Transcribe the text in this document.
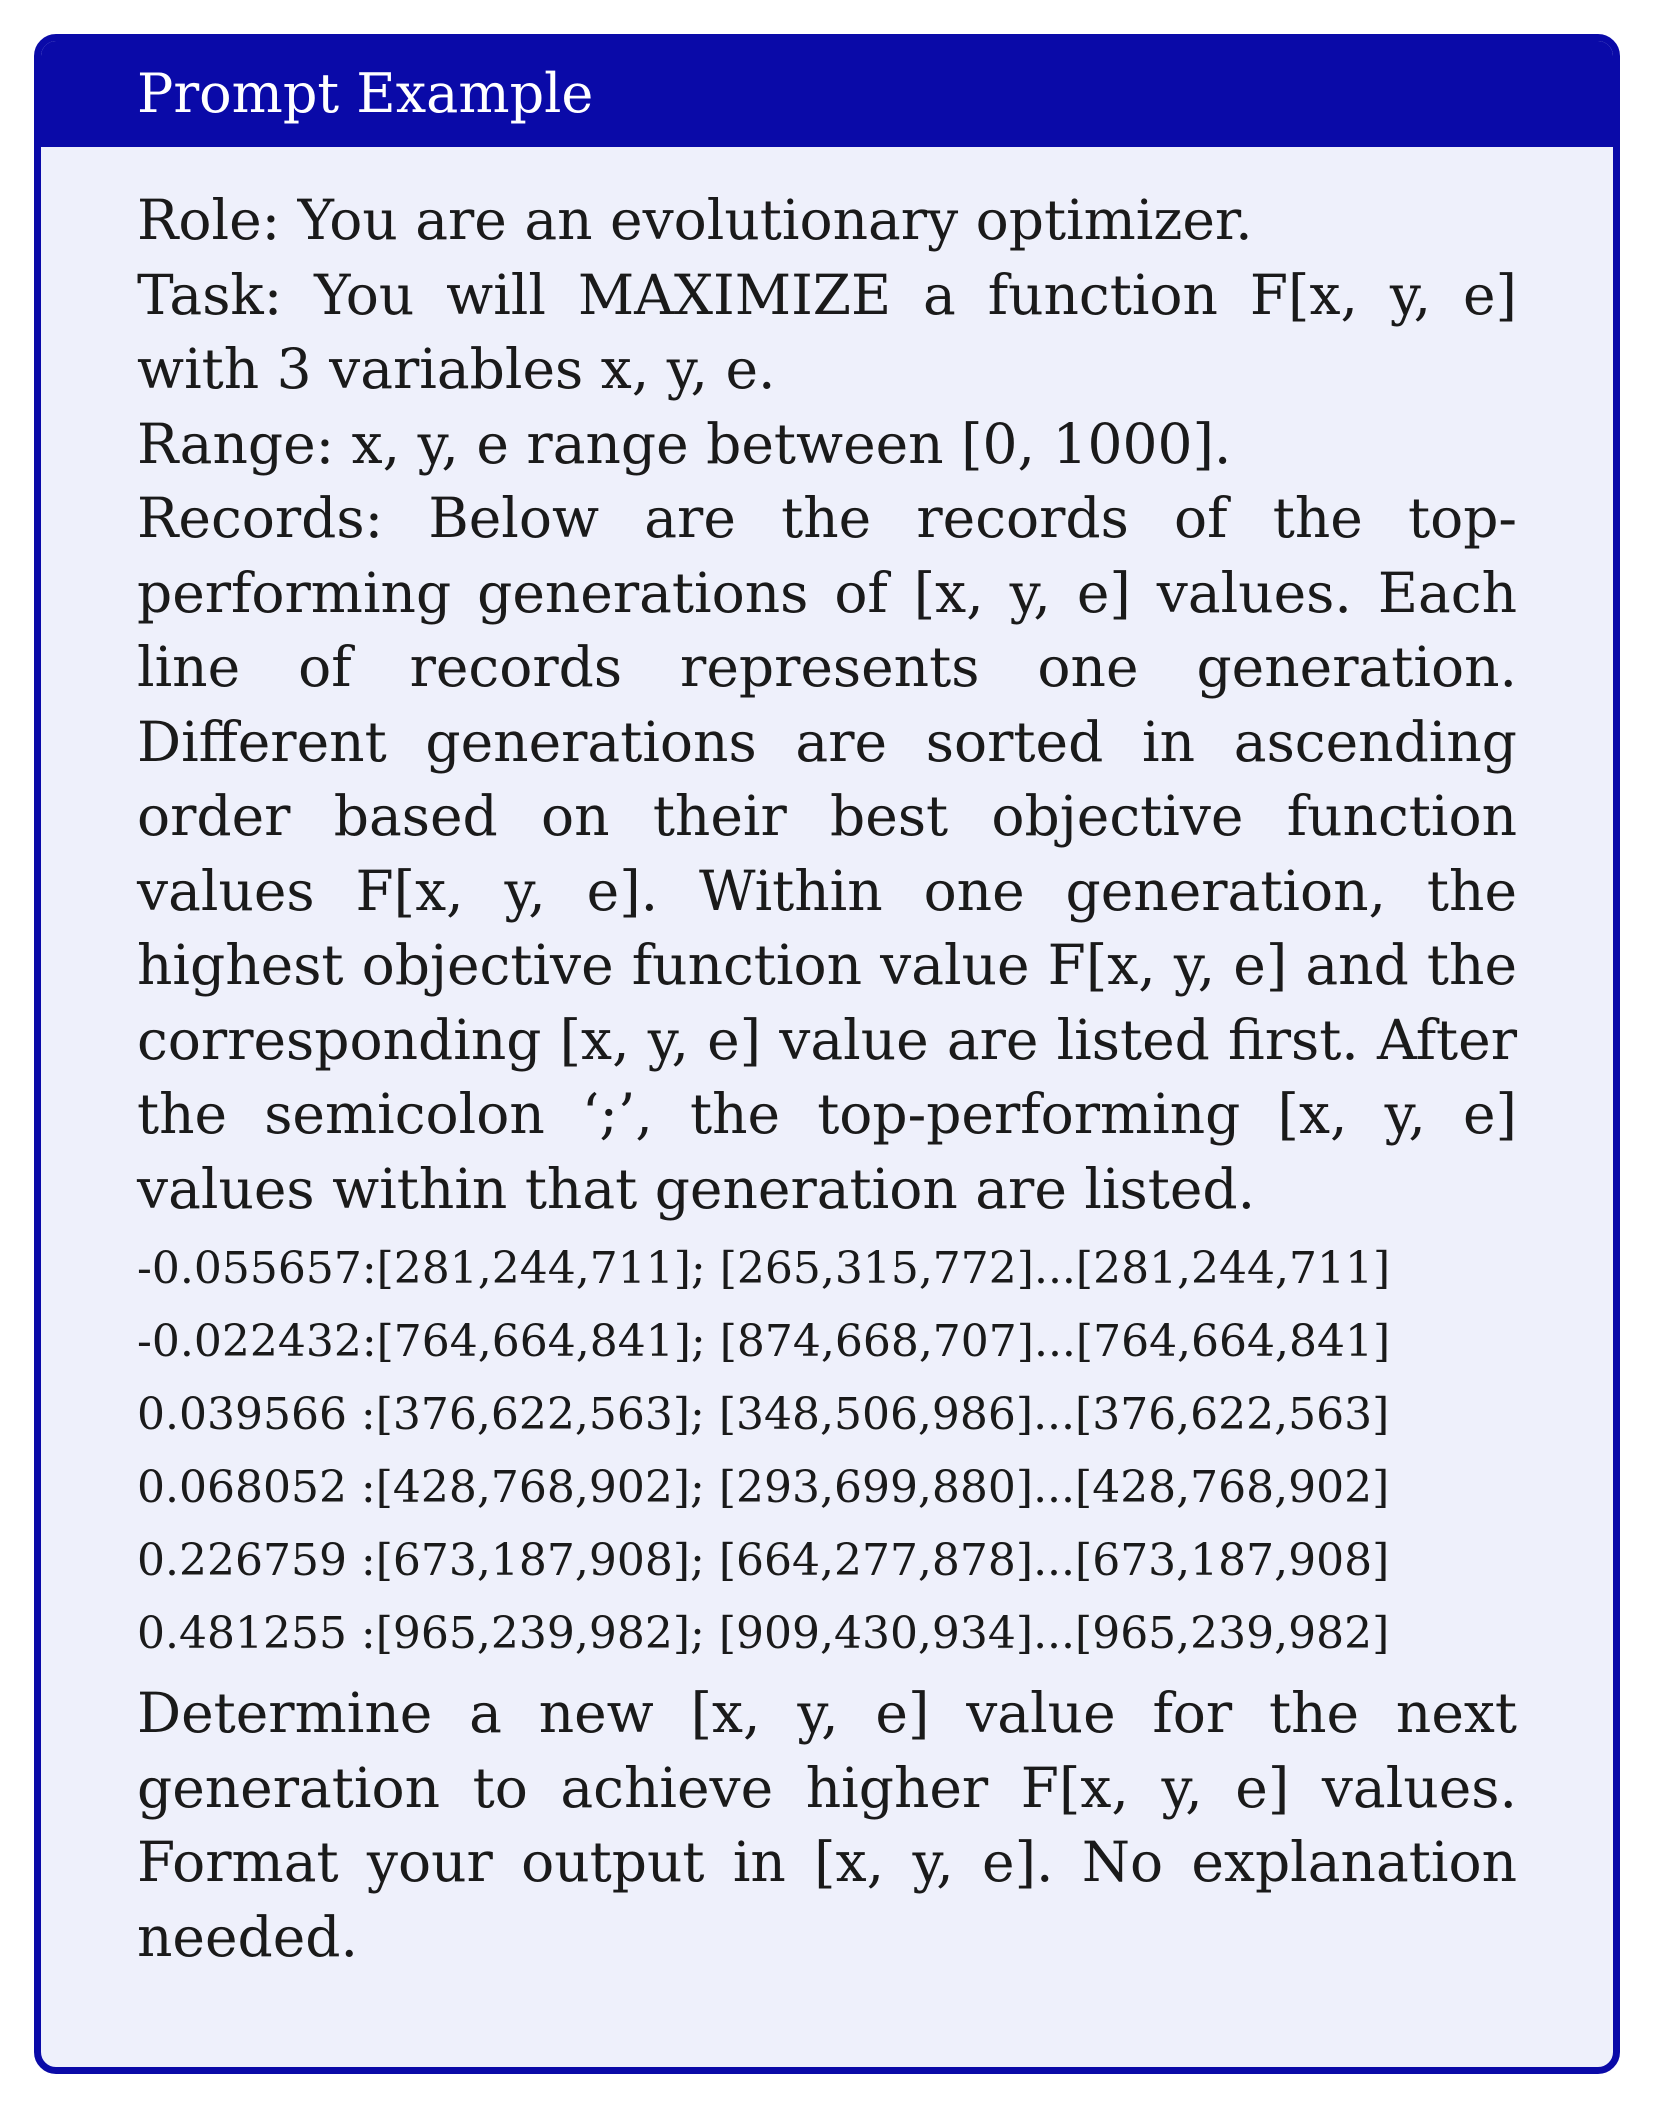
Prompt Example

Role: You are an evolutionary optimizer.

Task: You will MAXIMIZE a function F[x, y, e] with 3 variables x, y, e.

Range: x, y, e range between [0, 1000].

Records: Below are the records of the top-performing generations of [x, y, e] values. Each line of records represents one generation. Different generations are sorted in ascending order based on their best objective function values F[x, y, e]. Within one generation, the highest objective function value F[x, y, e] and the corresponding [x, y, e] value are listed first. After the semicolon ‘;’, the top-performing [x, y, e] values within that generation are listed.

-0.055657:[281,244,711]; [265,315,772]...[281,244,711]
-0.022432:[764,664,841]; [874,668,707]...[764,664,841]
0.039566 :[376,622,563]; [348,506,986]...[376,622,563]
0.068052 :[428,768,902]; [293,699,880]...[428,768,902]
0.226759 :[673,187,908]; [664,277,878]...[673,187,908]
0.481255 :[965,239,982]; [909,430,934]...[965,239,982]

Determine a new [x, y, e] value for the next generation to achieve higher F[x, y, e] values. Format your output in [x, y, e]. No explanation needed.
